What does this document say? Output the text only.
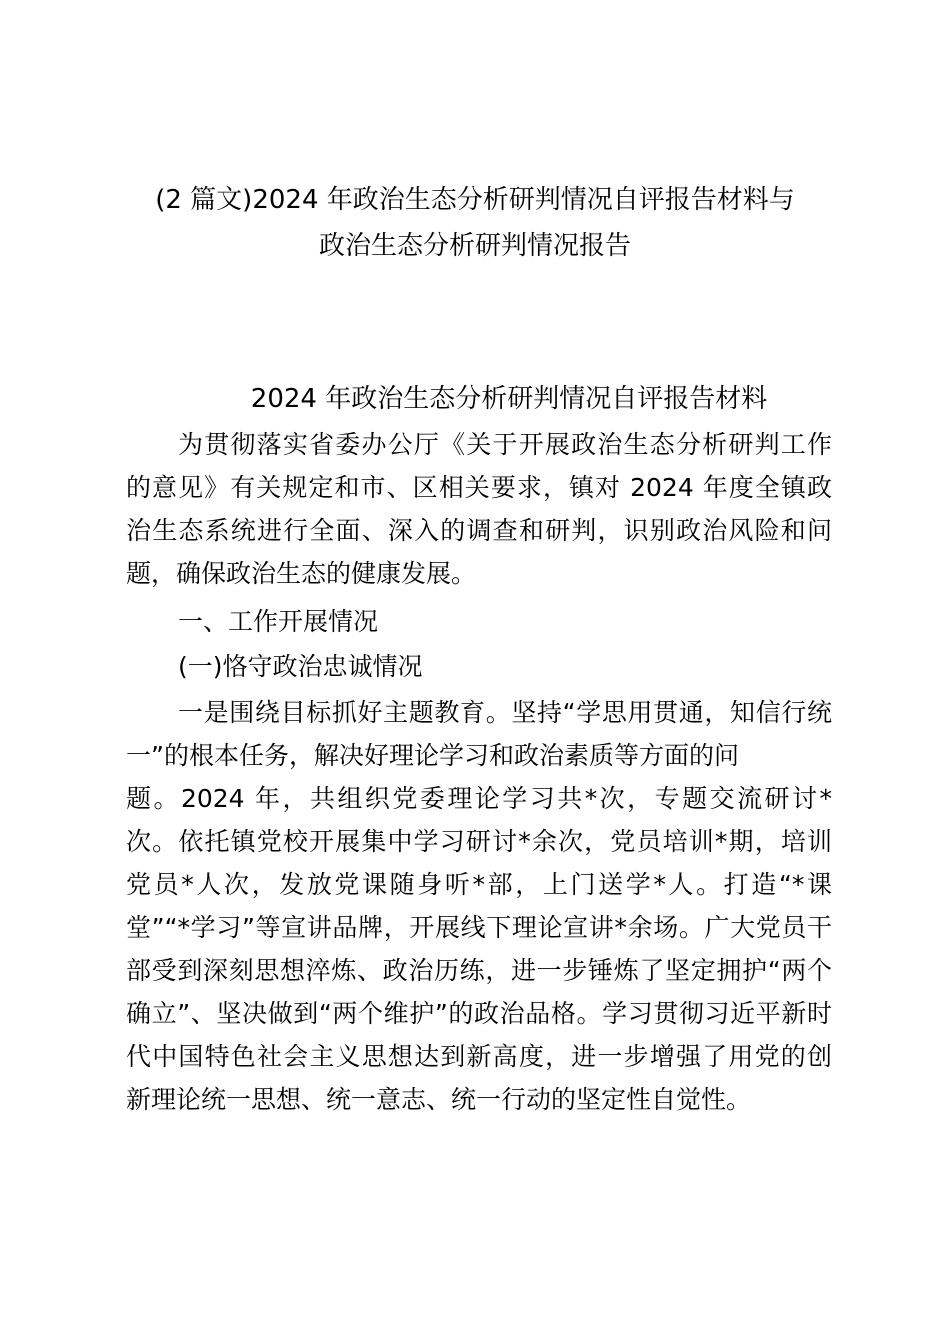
(2 篇文)2024 年政治生态分析研判情况自评报告材料与
政治生态分析研判情况报告
2024 年政治生态分析研判情况自评报告材料

为贯彻落实省委办公厅《关于开展政治生态分析研判工作
的意见》有关规定和市、区相关要求，镇对 2024 年度全镇政
治生态系统进行全面、深入的调查和研判，识别政治风险和问
题，确保政治生态的健康发展。

一、工作开展情况

(一)恪守政治忠诚情况

一是围绕目标抓好主题教育。坚持“学思用贯通，知信行统
一”的根本任务，解决好理论学习和政治素质等方面的问
题。2024 年，共组织党委理论学习共*次，专题交流研讨*
次。依托镇党校开展集中学习研讨*余次，党员培训*期，培训
党员*人次，发放党课随身听*部，上门送学*人。打造“*课
堂”“*学习”等宣讲品牌，开展线下理论宣讲*余场。广大党员干
部受到深刻思想淬炼、政治历练，进一步锤炼了坚定拥护“两个
确立”、坚决做到“两个维护”的政治品格。学习贯彻习近平新时
代中国特色社会主义思想达到新高度，进一步增强了用党的创
新理论统一思想、统一意志、统一行动的坚定性自觉性。
